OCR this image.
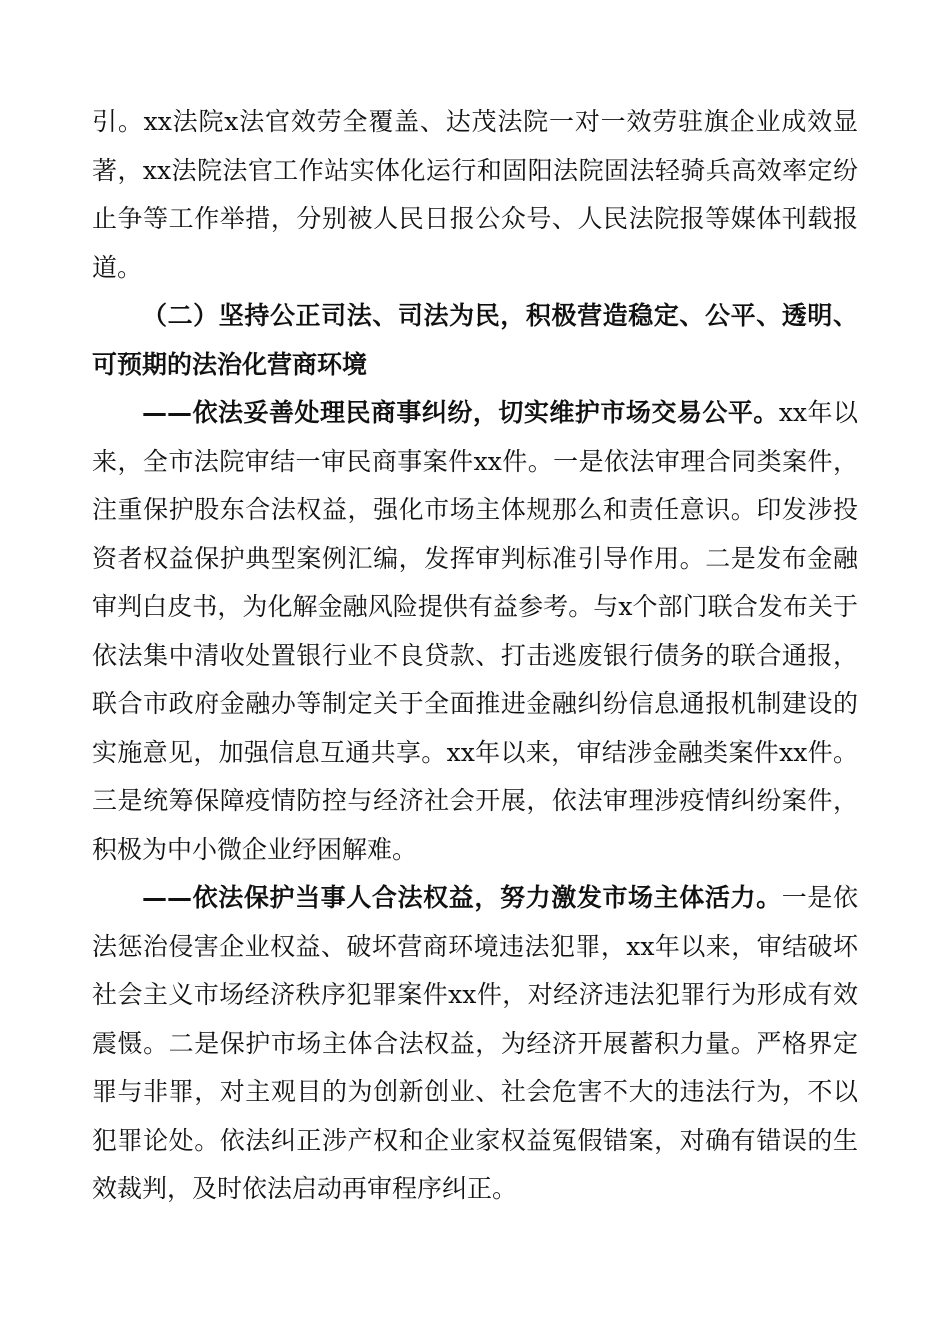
引。xx法院x法官效劳全覆盖、达茂法院一对一效劳驻旗企业成效显著，xx法院法官工作站实体化运行和固阳法院固法轻骑兵高效率定纷止争等工作举措，分别被人民日报公众号、人民法院报等媒体刊载报道。

（二）坚持公正司法、司法为民，积极营造稳定、公平、透明、可预期的法治化营商环境

——依法妥善处理民商事纠纷，切实维护市场交易公平。xx年以来，全市法院审结一审民商事案件xx件。一是依法审理合同类案件，注重保护股东合法权益，强化市场主体规那么和责任意识。印发涉投资者权益保护典型案例汇编，发挥审判标准引导作用。二是发布金融审判白皮书，为化解金融风险提供有益参考。与x个部门联合发布关于依法集中清收处置银行业不良贷款、打击逃废银行债务的联合通报，联合市政府金融办等制定关于全面推进金融纠纷信息通报机制建设的实施意见，加强信息互通共享。xx年以来，审结涉金融类案件xx件。三是统筹保障疫情防控与经济社会开展，依法审理涉疫情纠纷案件，积极为中小微企业纾困解难。

——依法保护当事人合法权益，努力激发市场主体活力。一是依法惩治侵害企业权益、破坏营商环境违法犯罪，xx年以来，审结破坏社会主义市场经济秩序犯罪案件xx件，对经济违法犯罪行为形成有效震慑。二是保护市场主体合法权益，为经济开展蓄积力量。严格界定罪与非罪，对主观目的为创新创业、社会危害不大的违法行为，不以犯罪论处。依法纠正涉产权和企业家权益冤假错案，对确有错误的生效裁判，及时依法启动再审程序纠正。
